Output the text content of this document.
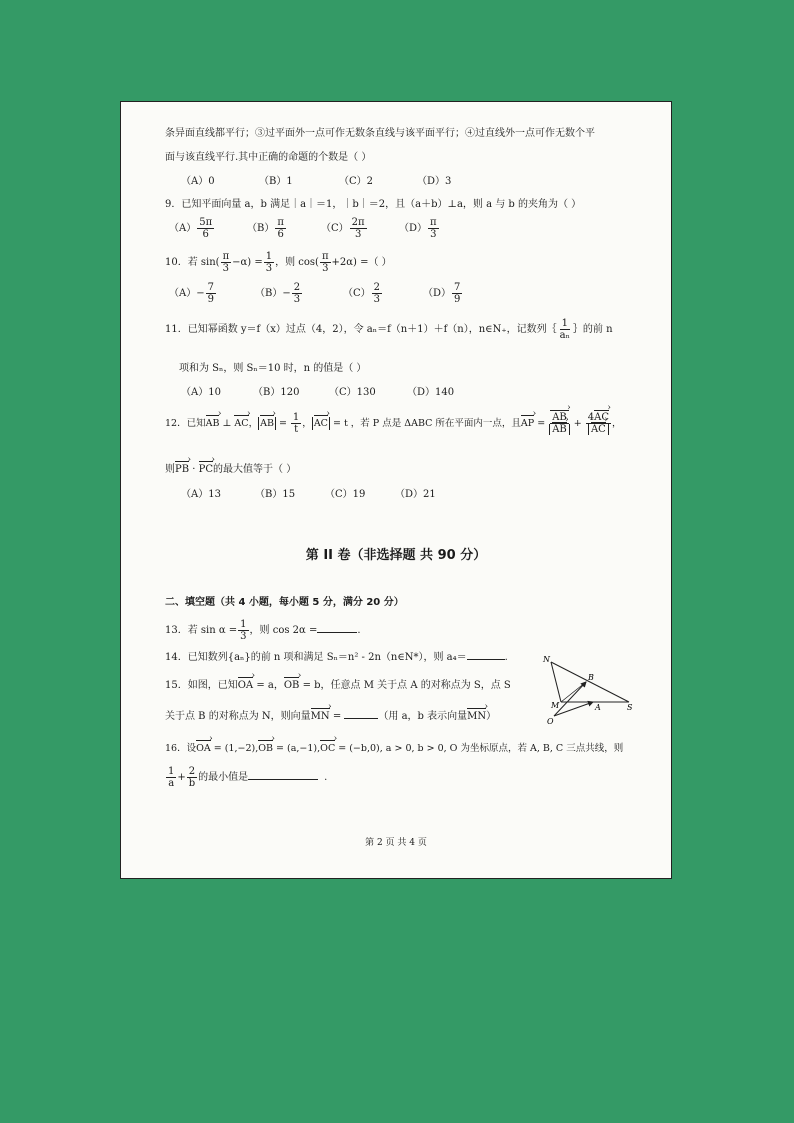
条异面直线都平行；③过平面外一点可作无数条直线与该平面平行；④过直线外一点可作无数个平
面与该直线平行.其中正确的命题的个数是（ ）
（A）0	（B）1	（C）2	（D）3
9．已知平面向量 a，b 满足｜a｜＝1，｜b｜＝2，且（a＋b）⊥a，则 a 与 b 的夹角为（ ）
$(A) \frac{5\pi}{6}$	$(B) \frac{\pi}{6}$	$(C) \frac{2\pi}{3}$	$(D) \frac{\pi}{3}$
10．若 $\sin( \frac{\pi}{3} -\alpha) = \frac{1}{3}$ ，则 $\cos( \frac{\pi}{3} +2\alpha)$ =（ ）
$(A)- \frac{7}{9}$	$(B)- \frac{2}{3}$	$(C) \frac{2}{3}$	$(D) \frac{7}{9}$
11．已知幂函数 y＝f（x）过点（4，2），令 aₙ＝f（n＋1）＋f（n），n∈N₊，记数列｛ $\frac{1}{\text{aₙ}}$ ｝的前 n
项和为 Sₙ，则 Sₙ＝10 时，n 的值是（ ）
（A）10	（B）120	（C）130	（D）140
12．已知AB › ⊥ AC ›， AB › = $\frac{1}{t}$ ， AC › = t ，若 P 点是 ΔABC 所在平面内一点，且AP › = $\frac{AB ›}{AB}$ › + $\frac{4AC ›}{AC}$ › ，
则PB › · PC ›的最大值等于（ ）
（A）13	（B）15	（C）19	（D）21
第 II 卷（非选择题 共 90 分）
二、填空题（共 4 小题，每小题 5 分，满分 20 分）
13．若 $\sin \alpha = \frac{1}{3}$ ，则 cos 2α =	.
14．已知数列{aₙ}的前 n 项和满足 Sₙ＝n² - 2n（n∈N*），则 a₄＝	.
15．如图，已知OA › = a，OB › = b，任意点 M 关于点 A 的对称点为 S，点 S
关于点 B 的对称点为 N，则向量MN › =	（用 a，b 表示向量MN ›）
N
B
M	A	S
O
16．设OA › = (1,−2),OB › = (a,−1),OC › = (−b,0), a > 0, b > 0, O 为坐标原点，若 A, B, C 三点共线，则
$\frac{1}{a} + \frac{2}{b}$ 的最小值是	.
第 2 页 共 4 页
